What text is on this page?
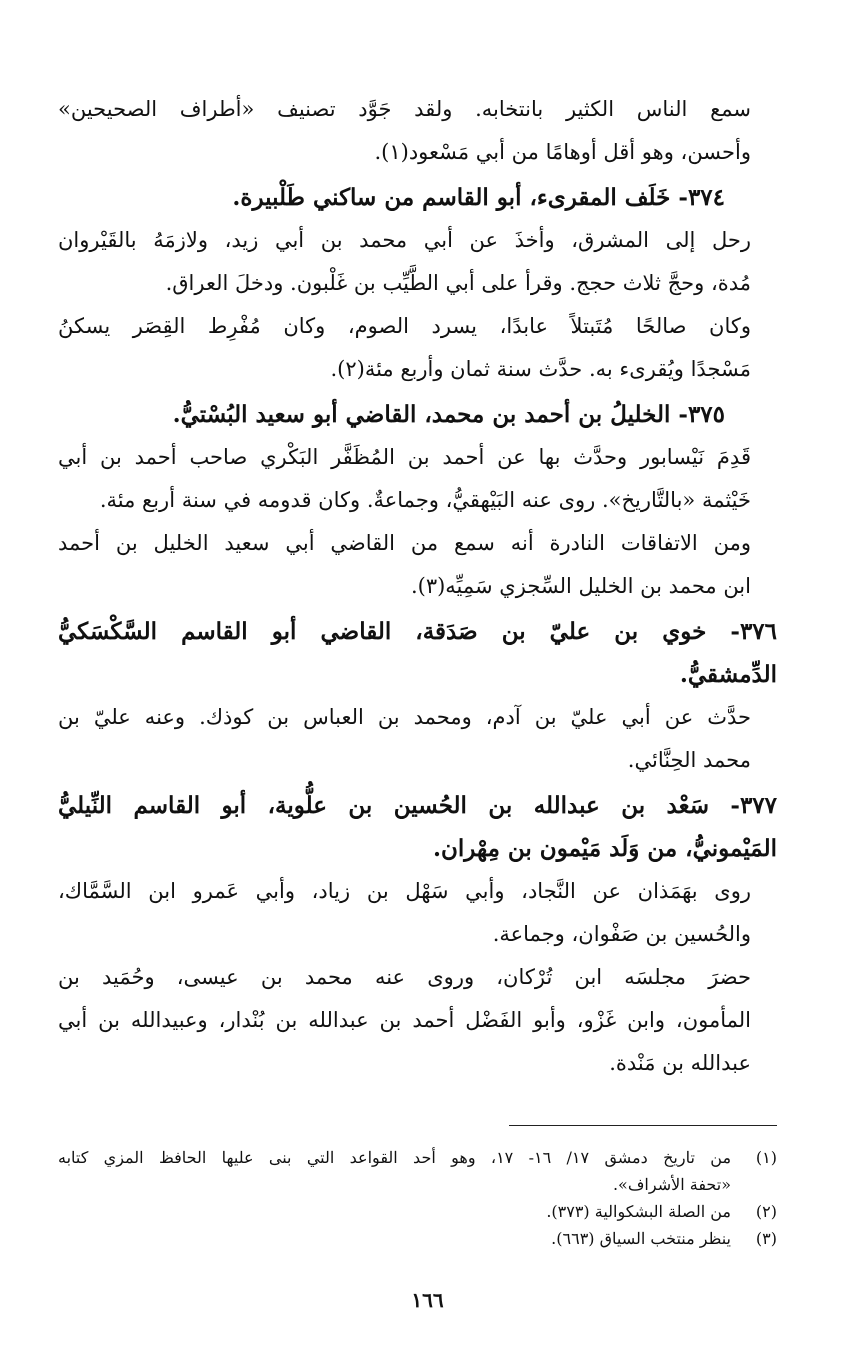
سمع الناس الكثير بانتخابه. ولقد جَوَّد تصنيف «أطراف الصحيحين»
وأحسن، وهو أقل أوهامًا من أبي مَسْعود(١).

٣٧٤- خَلَف المقرىء، أبو القاسم من ساكني طَلْبيرة.

رحل إلى المشرق، وأخذَ عن أبي محمد بن أبي زيد، ولازمَهُ بالقَيْروان
مُدة، وحجَّ ثلاث حجج. وقرأ على أبي الطَّيِّب بن غَلْبون. ودخلَ العراق.

وكان صالحًا مُتَبتلاً عابدًا، يسرد الصوم، وكان مُفْرِط القِصَر يسكنُ
مَسْجدًا ويُقرىء به. حدَّث سنة ثمان وأربع مئة(٢).

٣٧٥- الخليلُ بن أحمد بن محمد، القاضي أبو سعيد البُسْتيُّ.

قَدِمَ نَيْسابور وحدَّث بها عن أحمد بن المُظَفَّر البَكْري صاحب أحمد بن أبي
خَيْثمة «بالتَّاريخ». روى عنه البَيْهقيُّ، وجماعةٌ. وكان قدومه في سنة أربع مئة.

ومن الاتفاقات النادرة أنه سمع من القاضي أبي سعيد الخليل بن أحمد
ابن محمد بن الخليل السِّجزي سَمِيِّه(٣).

٣٧٦- خوي بن عليّ بن صَدَقة، القاضي أبو القاسم السَّكْسَكيُّ
الدِّمشقيُّ.

حدَّث عن أبي عليّ بن آدم، ومحمد بن العباس بن كوذك. وعنه عليّ بن
محمد الحِنَّائي.

٣٧٧- سَعْد بن عبدالله بن الحُسين بن علُّوية، أبو القاسم النِّيليُّ
المَيْمونيُّ، من وَلَد مَيْمون بن مِهْران.

روى بهَمَذان عن النَّجاد، وأبي سَهْل بن زياد، وأبي عَمرو ابن السَّمَّاك،
والحُسين بن صَفْوان، وجماعة.

حضرَ مجلسَه ابن تُرْكان، وروى عنه محمد بن عيسى، وحُمَيد بن
المأمون، وابن غَزْو، وأبو الفَضْل أحمد بن عبدالله بن بُنْدار، وعبيدالله بن أبي
عبدالله بن مَنْدة.

(١)
من تاريخ دمشق ١٧/ ١٦- ١٧، وهو أحد القواعد التي بنى عليها الحافظ المزي كتابه
«تحفة الأشراف».
(٢)
من الصلة البشكوالية (٣٧٣).
(٣)
ينظر منتخب السياق (٦٦٣).
١٦٦
